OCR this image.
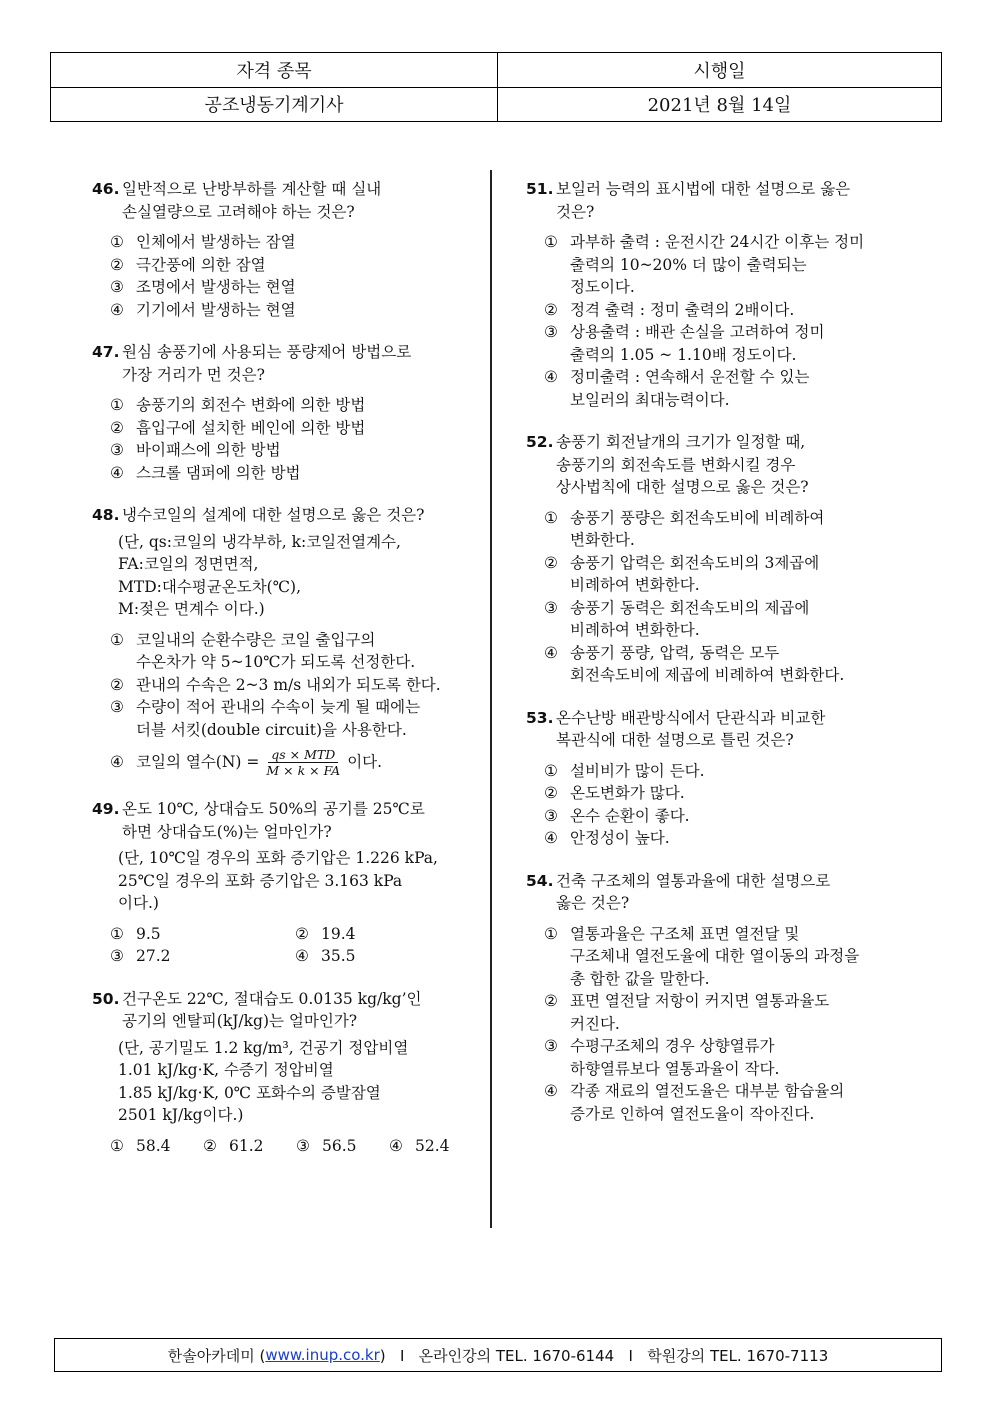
자격 종목	시행일
공조냉동기계기사	2021년 8월 14일
46. 일반적으로 난방부하를 계산할 때 실내
손실열량으로 고려해야 하는 것은?
① 인체에서 발생하는 잠열
② 극간풍에 의한 잠열
③ 조명에서 발생하는 현열
④ 기기에서 발생하는 현열
47. 원심 송풍기에 사용되는 풍량제어 방법으로
가장 거리가 먼 것은?
① 송풍기의 회전수 변화에 의한 방법
② 흡입구에 설치한 베인에 의한 방법
③ 바이패스에 의한 방법
④ 스크롤 댐퍼에 의한 방법
48. 냉수코일의 설계에 대한 설명으로 옳은 것은?
(단, qs:코일의 냉각부하, k:코일전열계수,
FA:코일의 정면면적,
MTD:대수평균온도차(℃),
M:젖은 면계수 이다.)
① 코일내의 순환수량은 코일 출입구의
수온차가 약 5~10℃가 되도록 선정한다.
② 관내의 수속은 2~3 m/s 내외가 되도록 한다.
③ 수량이 적어 관내의 수속이 늦게 될 때에는
더블 서킷(double circuit)을 사용한다.
④ 코일의 열수$(N) = \frac{\text{qs × MTD}}{M \times k \times FA}$ 이다.
49. 온도 10℃, 상대습도 50%의 공기를 25℃로
하면 상대습도(%)는 얼마인가?
(단, 10℃일 경우의 포화 증기압은 1.226 kPa,
25℃일 경우의 포화 증기압은 3.163 kPa
이다.)
① 9.5	② 19.4
③ 27.2	④ 35.5
50. 건구온도 22℃, 절대습도 0.0135 kg/kg’인
공기의 엔탈피(kJ/kg)는 얼마인가?
(단, 공기밀도 1.2 kg/m³, 건공기 정압비열
1.01 kJ/kg·K, 수증기 정압비열
1.85 kJ/kg·K, 0℃ 포화수의 증발잠열
2501 kJ/kg이다.)
① 58.4	② 61.2	③ 56.5	④ 52.4
51. 보일러 능력의 표시법에 대한 설명으로 옳은
것은?
① 과부하 출력 : 운전시간 24시간 이후는 정미
출력의 10~20% 더 많이 출력되는
정도이다.
② 정격 출력 : 정미 출력의 2배이다.
③ 상용출력 : 배관 손실을 고려하여 정미
출력의 1.05 ~ 1.10배 정도이다.
④ 정미출력 : 연속해서 운전할 수 있는
보일러의 최대능력이다.
52. 송풍기 회전날개의 크기가 일정할 때,
송풍기의 회전속도를 변화시킬 경우
상사법칙에 대한 설명으로 옳은 것은?
① 송풍기 풍량은 회전속도비에 비례하여
변화한다.
② 송풍기 압력은 회전속도비의 3제곱에
비례하여 변화한다.
③ 송풍기 동력은 회전속도비의 제곱에
비례하여 변화한다.
④ 송풍기 풍량, 압력, 동력은 모두
회전속도비에 제곱에 비례하여 변화한다.
53. 온수난방 배관방식에서 단관식과 비교한
복관식에 대한 설명으로 틀린 것은?
① 설비비가 많이 든다.
② 온도변화가 많다.
③ 온수 순환이 좋다.
④ 안정성이 높다.
54. 건축 구조체의 열통과율에 대한 설명으로
옳은 것은?
① 열통과율은 구조체 표면 열전달 및
구조체내 열전도율에 대한 열이동의 과정을
총 합한 값을 말한다.
② 표면 열전달 저항이 커지면 열통과율도
커진다.
③ 수평구조체의 경우 상향열류가
하향열류보다 열통과율이 작다.
④ 각종 재료의 열전도율은 대부분 함습율의
증가로 인하여 열전도율이 작아진다.
한솔아카데미 ( www.inup.co.kr )   I   온라인강의 TEL. 1670-6144   I   학원강의 TEL. 1670-7113
